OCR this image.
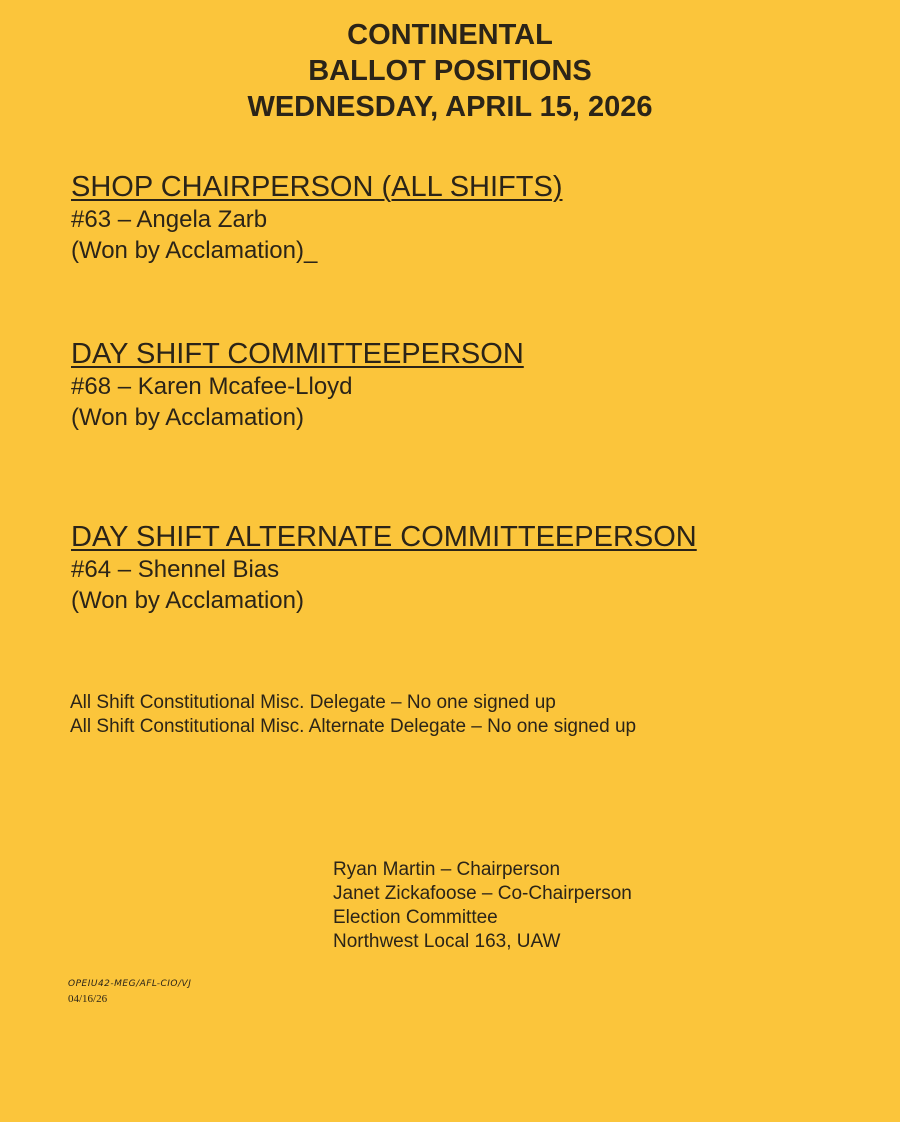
CONTINENTAL
BALLOT POSITIONS
WEDNESDAY, APRIL 15, 2026
SHOP CHAIRPERSON (ALL SHIFTS)
#63 – Angela Zarb
(Won by Acclamation)_
DAY SHIFT COMMITTEEPERSON
#68 – Karen Mcafee-Lloyd
(Won by Acclamation)
DAY SHIFT ALTERNATE COMMITTEEPERSON
#64 – Shennel Bias
(Won by Acclamation)
All Shift Constitutional Misc. Delegate – No one signed up
All Shift Constitutional Misc. Alternate Delegate – No one signed up
Ryan Martin – Chairperson
Janet Zickafoose – Co-Chairperson
Election Committee
Northwest Local 163, UAW
OPEIU42-MEG/AFL-CIO/VJ
04/16/26
